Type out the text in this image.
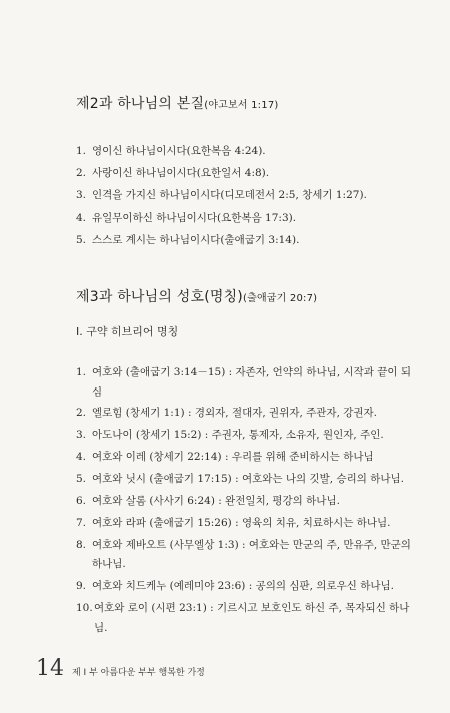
제2과 하나님의 본질(야고보서 1:17)
1. 영이신 하나님이시다(요한복음 4:24).
2. 사랑이신 하나님이시다(요한일서 4:8).
3. 인격을 가지신 하나님이시다(디모데전서 2:5, 창세기 1:27).
4. 유일무이하신 하나님이시다(요한복음 17:3).
5. 스스로 계시는 하나님이시다(출애굽기 3:14).
제3과 하나님의 성호(명칭)(출애굽기 20:7)
I. 구약 히브리어 명칭
1. 여호와 (출애굽기 3:14－15) : 자존자, 언약의 하나님, 시작과 끝이 되심
2. 엘로힘 (창세기 1:1) : 경외자, 절대자, 권위자, 주관자, 강권자.
3. 아도나이 (창세기 15:2) : 주권자, 통제자, 소유자, 원인자, 주인.
4. 여호와 이레 (창세기 22:14) : 우리를 위해 준비하시는 하나님
5. 여호와 닛시 (출애굽기 17:15) : 여호와는 나의 깃발, 승리의 하나님.
6. 여호와 살롬 (사사기 6:24) : 완전일치, 평강의 하나님.
7. 여호와 라파 (출애굽기 15:26) : 영육의 치유, 치료하시는 하나님.
8. 여호와 제바오트 (사무엘상 1:3) : 여호와는 만군의 주, 만유주, 만군의 하나님.
9. 여호와 치드케누 (예레미야 23:6) : 공의의 심판, 의로우신 하나님.
10. 여호와 로이 (시편 23:1) : 기르시고 보호인도 하신 주, 목자되신 하나님.
14 제 I 부 아름다운 부부 행복한 가정
